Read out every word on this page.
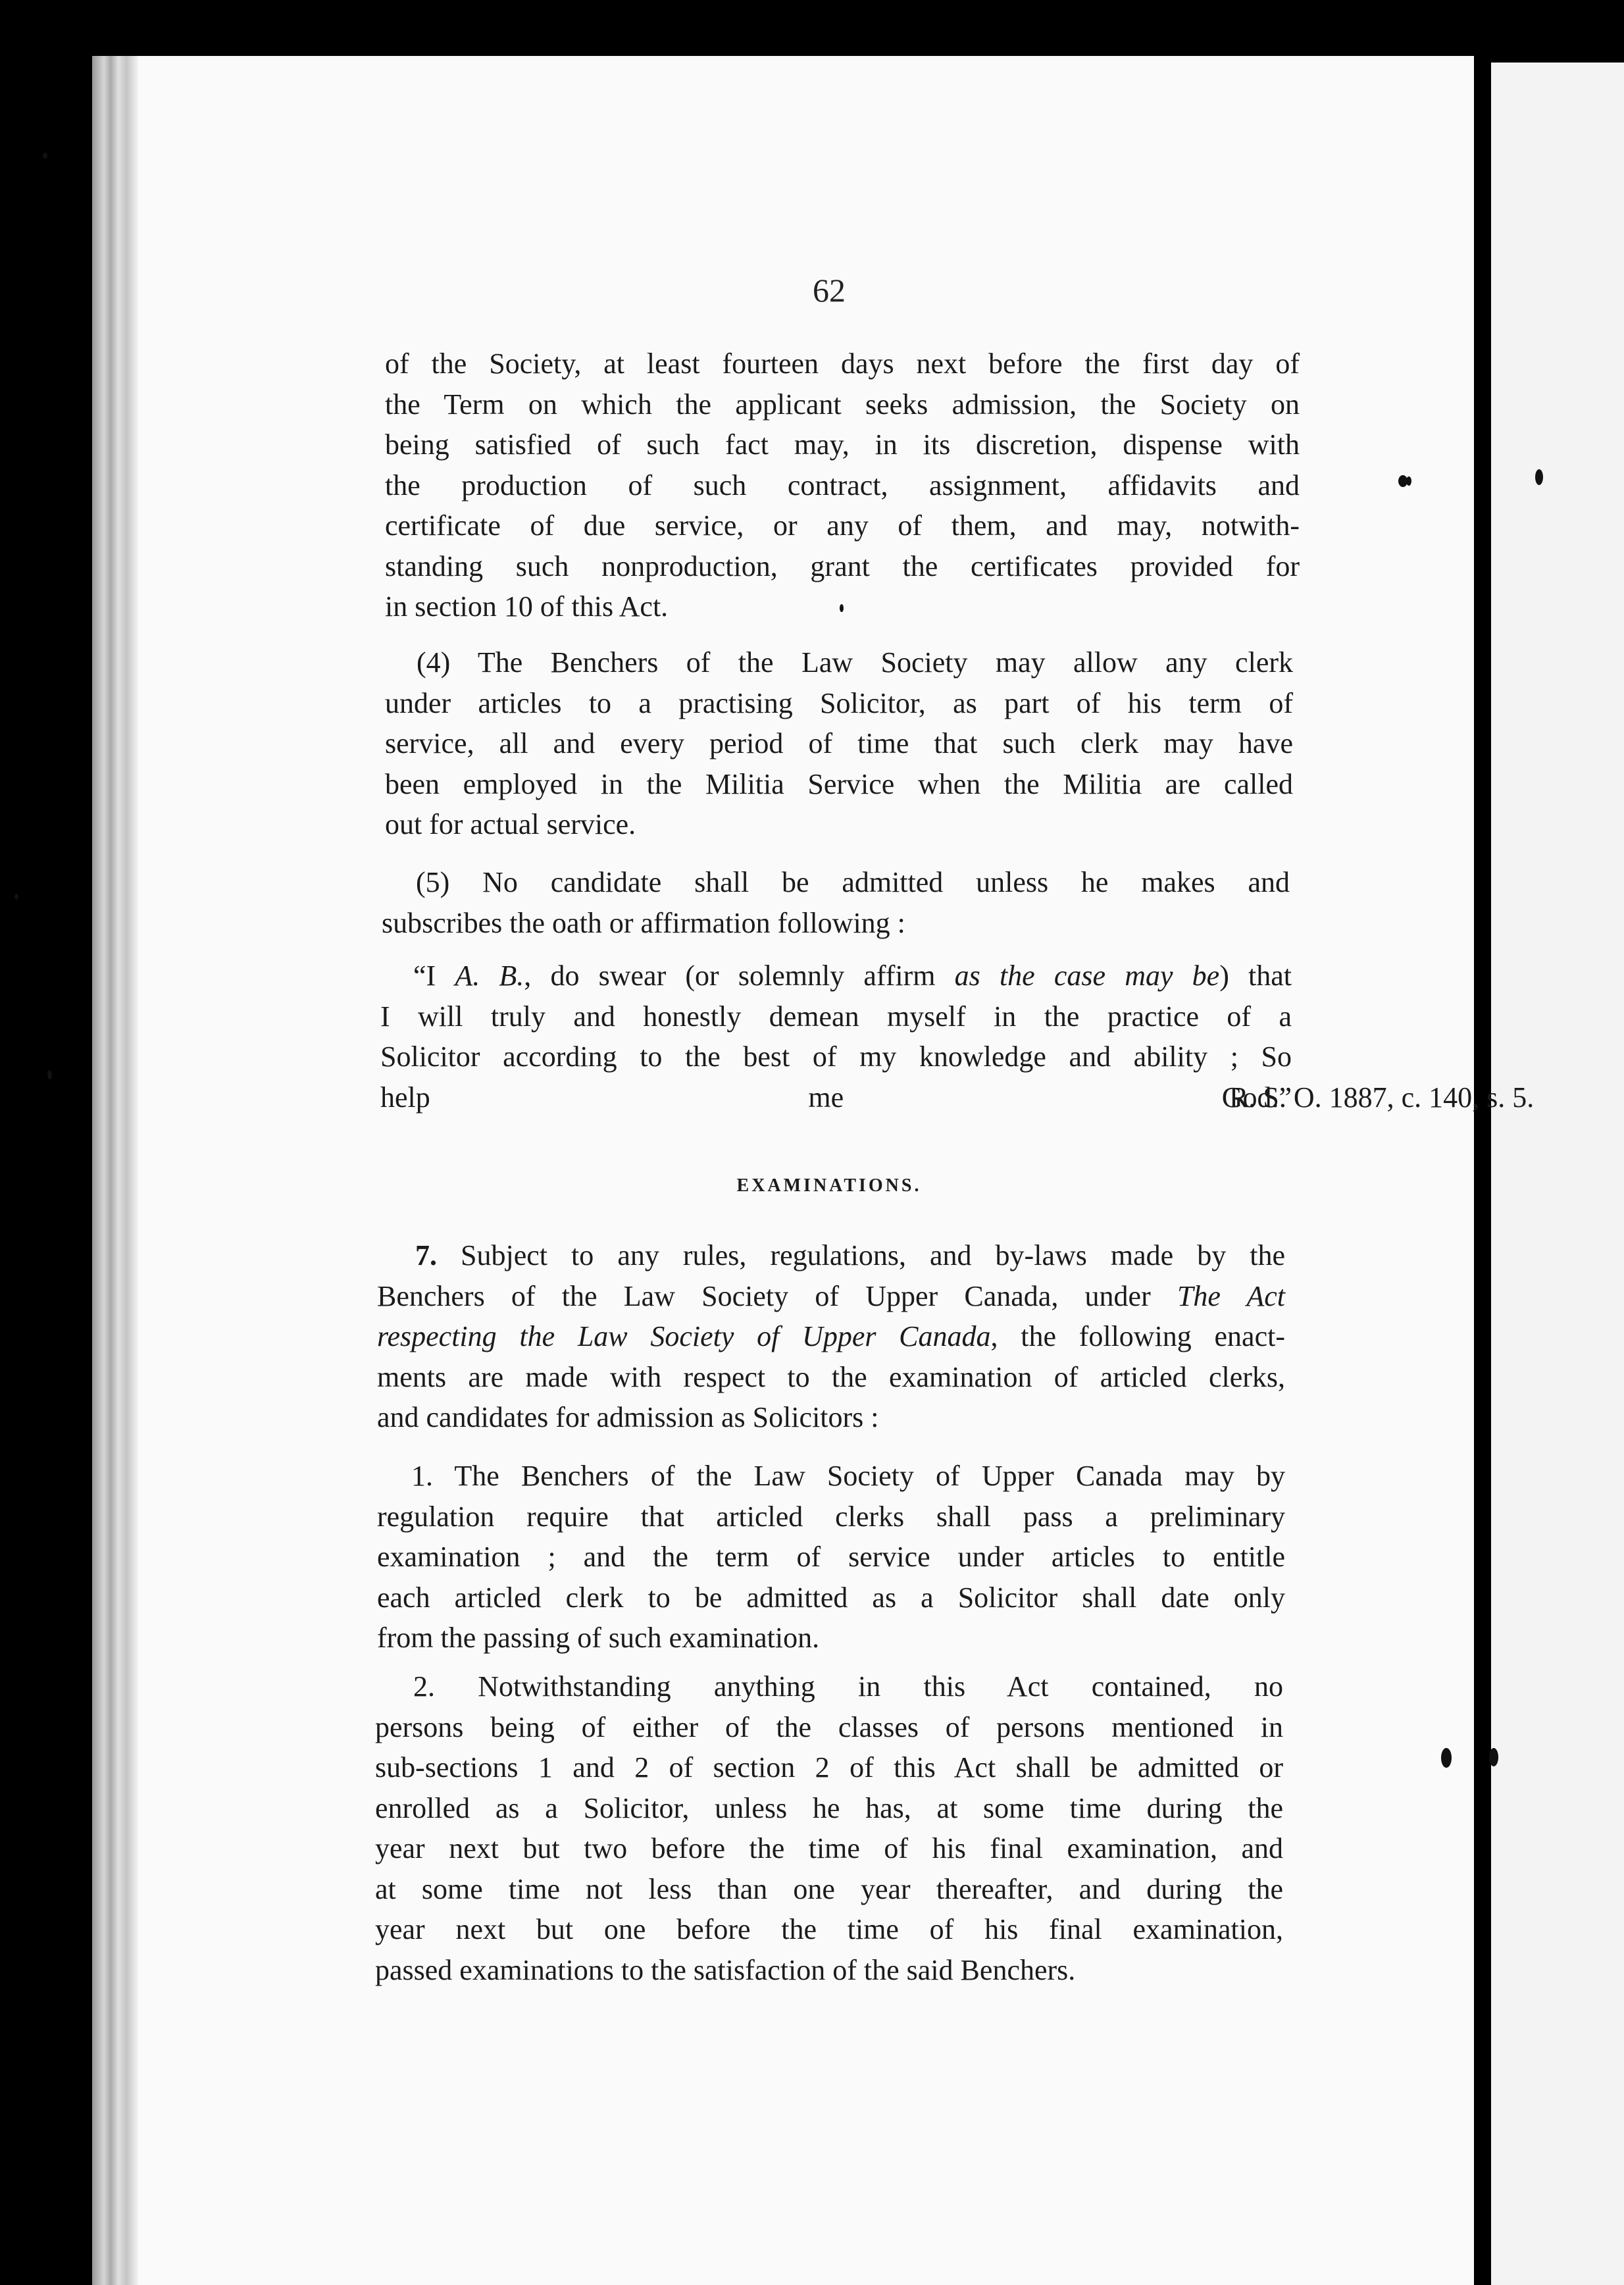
62
of the Society, at least fourteen days next before the first day of
the Term on which the applicant seeks admission, the Society on
being satisfied of such fact may, in its discretion, dispense with
the production of such contract, assignment, affidavits and
certificate of due service, or any of them, and may, notwith-
standing such nonproduction, grant the certificates provided for
in section 10 of this Act.
(4) The Benchers of the Law Society may allow any clerk
under articles to a practising Solicitor, as part of his term of
service, all and every period of time that such clerk may have
been employed in the Militia Service when the Militia are called
out for actual service.
(5) No candidate shall be admitted unless he makes and
subscribes the oath or affirmation following :
“I A. B., do swear (or solemnly affirm as the case may be) that
I will truly and honestly demean myself in the practice of a
Solicitor according to the best of my knowledge and ability ; So
help me God.”
R. S. O. 1887, c. 140, s. 5.
EXAMINATIONS.
7. Subject to any rules, regulations, and by-laws made by the
Benchers of the Law Society of Upper Canada, under The Act
respecting the Law Society of Upper Canada, the following enact-
ments are made with respect to the examination of articled clerks,
and candidates for admission as Solicitors :
1. The Benchers of the Law Society of Upper Canada may by
regulation require that articled clerks shall pass a preliminary
examination ; and the term of service under articles to entitle
each articled clerk to be admitted as a Solicitor shall date only
from the passing of such examination.
2. Notwithstanding anything in this Act contained, no
persons being of either of the classes of persons mentioned in
sub-sections 1 and 2 of section 2 of this Act shall be admitted or
enrolled as a Solicitor, unless he has, at some time during the
year next but two before the time of his final examination, and
at some time not less than one year thereafter, and during the
year next but one before the time of his final examination,
passed examinations to the satisfaction of the said Benchers.
